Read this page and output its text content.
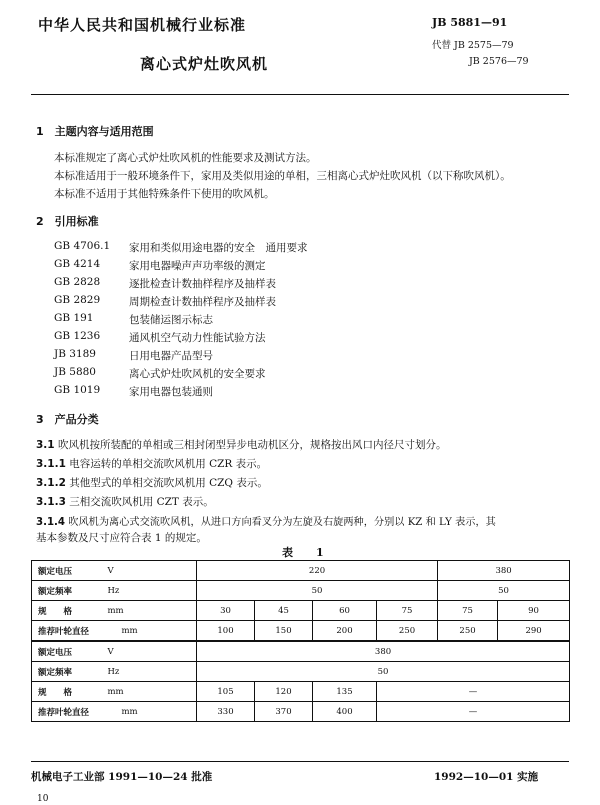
中华人民共和国机械行业标准	JB 5881—91
代替 JB 2575—79
JB 2576—79
离心式炉灶吹风机
1　主题内容与适用范围
本标准规定了离心式炉灶吹风机的性能要求及测试方法。
本标准适用于一般环境条件下，家用及类似用途的单相，三相离心式炉灶吹风机（以下称吹风机）。
本标准不适用于其他特殊条件下使用的吹风机。
2　引用标准
GB 4706.1 家用和类似用途电器的安全　通用要求
GB 4214	家用电器噪声声功率级的测定
GB 2828	逐批检查计数抽样程序及抽样表
GB 2829	周期检查计数抽样程序及抽样表
GB 191	包装储运图示标志
GB 1236	通风机空气动力性能试验方法
JB 3189	日用电器产品型号
JB 5880	离心式炉灶吹风机的安全要求
GB 1019	家用电器包装通则
3　产品分类
3.1 吹风机按所装配的单相或三相封闭型异步电动机区分，规格按出风口内径尺寸划分。
3.1.1 电容运转的单相交流吹风机用 CZR 表示。
3.1.2 其他型式的单相交流吹风机用 CZQ 表示。
3.1.3 三相交流吹风机用 CZT 表示。
3.1.4 吹风机为离心式交流吹风机，从进口方向看叉分为左旋及右旋两种，分别以 KZ 和 LY 表示，其
基本参数及尺寸应符合表 1 的规定。
表　1
额定电压	V	220				380	
额定频率	Hz	50				50	
规　　格	mm	30	45	60	75	75	90
推荐叶轮直径	mm	100	150	200	250	250	290
额定电压	V	380					
额定频率	Hz	50					
规　　格	mm	105	120	135	—		
推荐叶轮直径	mm	330	370	400	—		
机械电子工业部 1991—10—24 批准	1992—10—01 实施
10
